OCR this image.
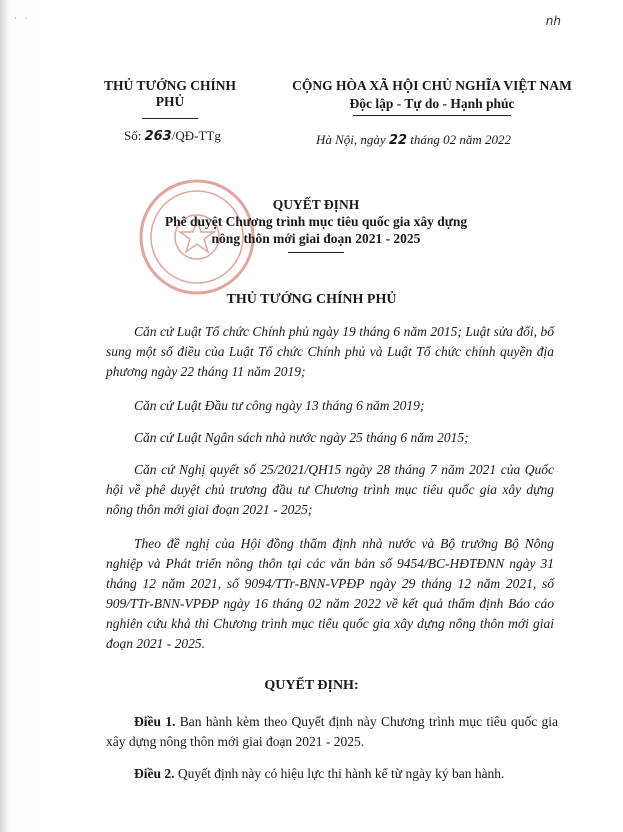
· ·	nh
THỦ TƯỚNG CHÍNH PHỦ
CỘNG HÒA XÃ HỘI CHỦ NGHĨA VIỆT NAM
Độc lập - Tự do - Hạnh phúc
Số: 263/QĐ-TTg	Hà Nội, ngày 22 tháng 02 năm 2022
QUYẾT ĐỊNH
Phê duyệt Chương trình mục tiêu quốc gia xây dựng
nông thôn mới giai đoạn 2021 - 2025
THỦ TƯỚNG CHÍNH PHỦ

Căn cứ Luật Tổ chức Chính phủ ngày 19 tháng 6 năm 2015; Luật sửa đổi, bổ sung một số điều của Luật Tổ chức Chính phủ và Luật Tổ chức chính quyền địa phương ngày 22 tháng 11 năm 2019;

Căn cứ Luật Đầu tư công ngày 13 tháng 6 năm 2019;

Căn cứ Luật Ngân sách nhà nước ngày 25 tháng 6 năm 2015;

Căn cứ Nghị quyết số 25/2021/QH15 ngày 28 tháng 7 năm 2021 của Quốc hội về phê duyệt chủ trương đầu tư Chương trình mục tiêu quốc gia xây dựng nông thôn mới giai đoạn 2021 - 2025;

Theo đề nghị của Hội đồng thẩm định nhà nước và Bộ trưởng Bộ Nông nghiệp và Phát triển nông thôn tại các văn bản số 9454/BC-HĐTĐNN ngày 31 tháng 12 năm 2021, số 9094/TTr-BNN-VPĐP ngày 29 tháng 12 năm 2021, số 909/TTr-BNN-VPĐP ngày 16 tháng 02 năm 2022 về kết quả thẩm định Báo cáo nghiên cứu khả thi Chương trình mục tiêu quốc gia xây dựng nông thôn mới giai đoạn 2021 - 2025.

QUYẾT ĐỊNH:

Điều 1. Ban hành kèm theo Quyết định này Chương trình mục tiêu quốc gia xây dựng nông thôn mới giai đoạn 2021 - 2025.

Điều 2. Quyết định này có hiệu lực thi hành kể từ ngày ký ban hành.
